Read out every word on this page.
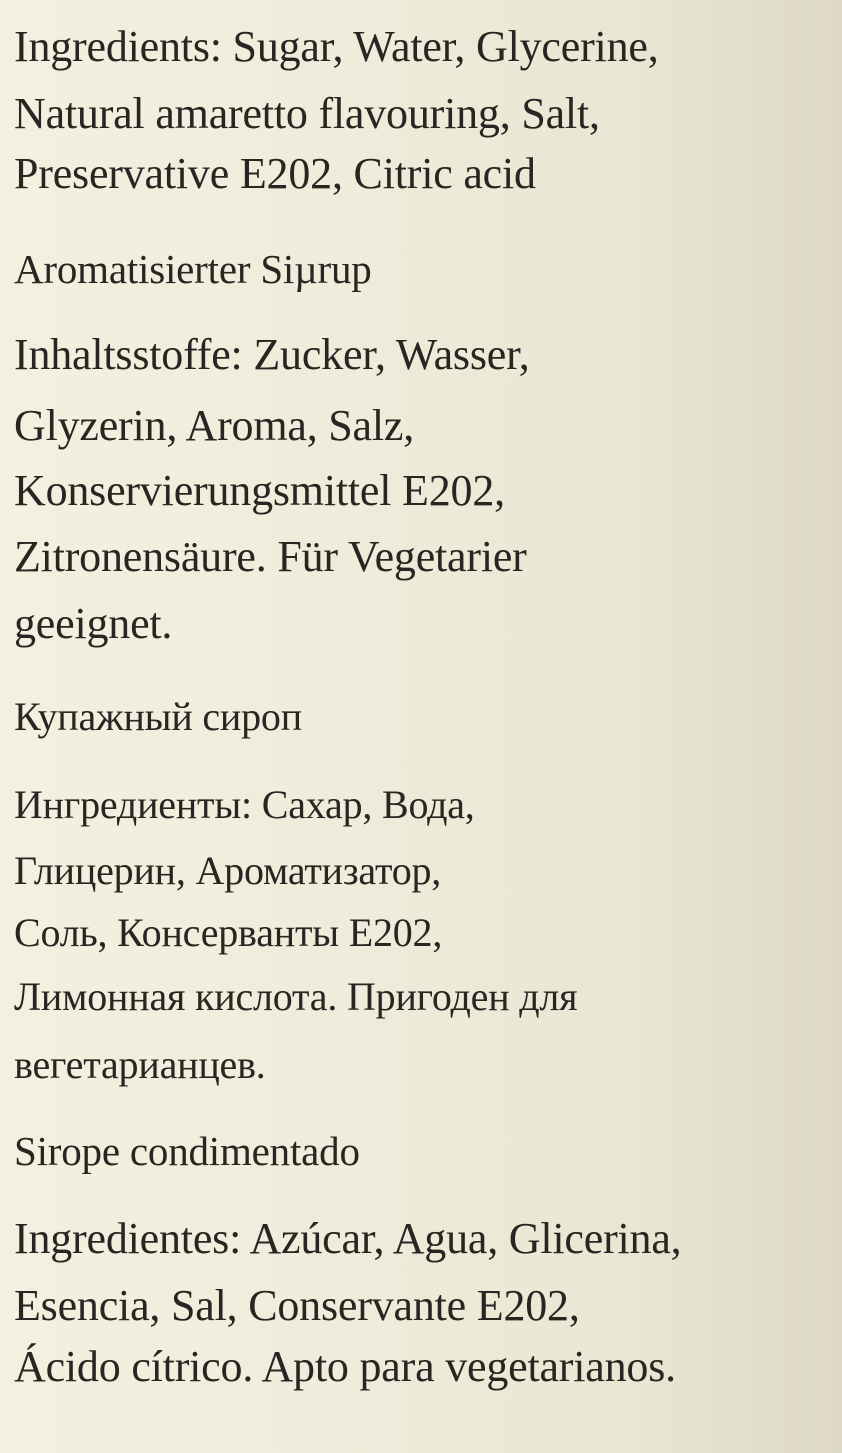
Ingredients: Sugar, Water, Glycerine,
Natural amaretto flavouring, Salt,
Preservative E202, Citric acid
Aromatisierter Siµrup
Inhaltsstoffe: Zucker, Wasser,
Glyzerin, Aroma, Salz,
Konservierungsmittel E202,
Zitronensäure. Für Vegetarier
geeignet.
Купажный сироп
Ингредиенты: Сахар, Вода,
Глицерин, Ароматизатор,
Соль, Консерванты E202,
Лимонная кислота. Пригоден для
вегетарианцев.
Sirope condimentado
Ingredientes: Azúcar, Agua, Glicerina,
Esencia, Sal, Conservante E202,
Ácido cítrico. Apto para vegetarianos.
